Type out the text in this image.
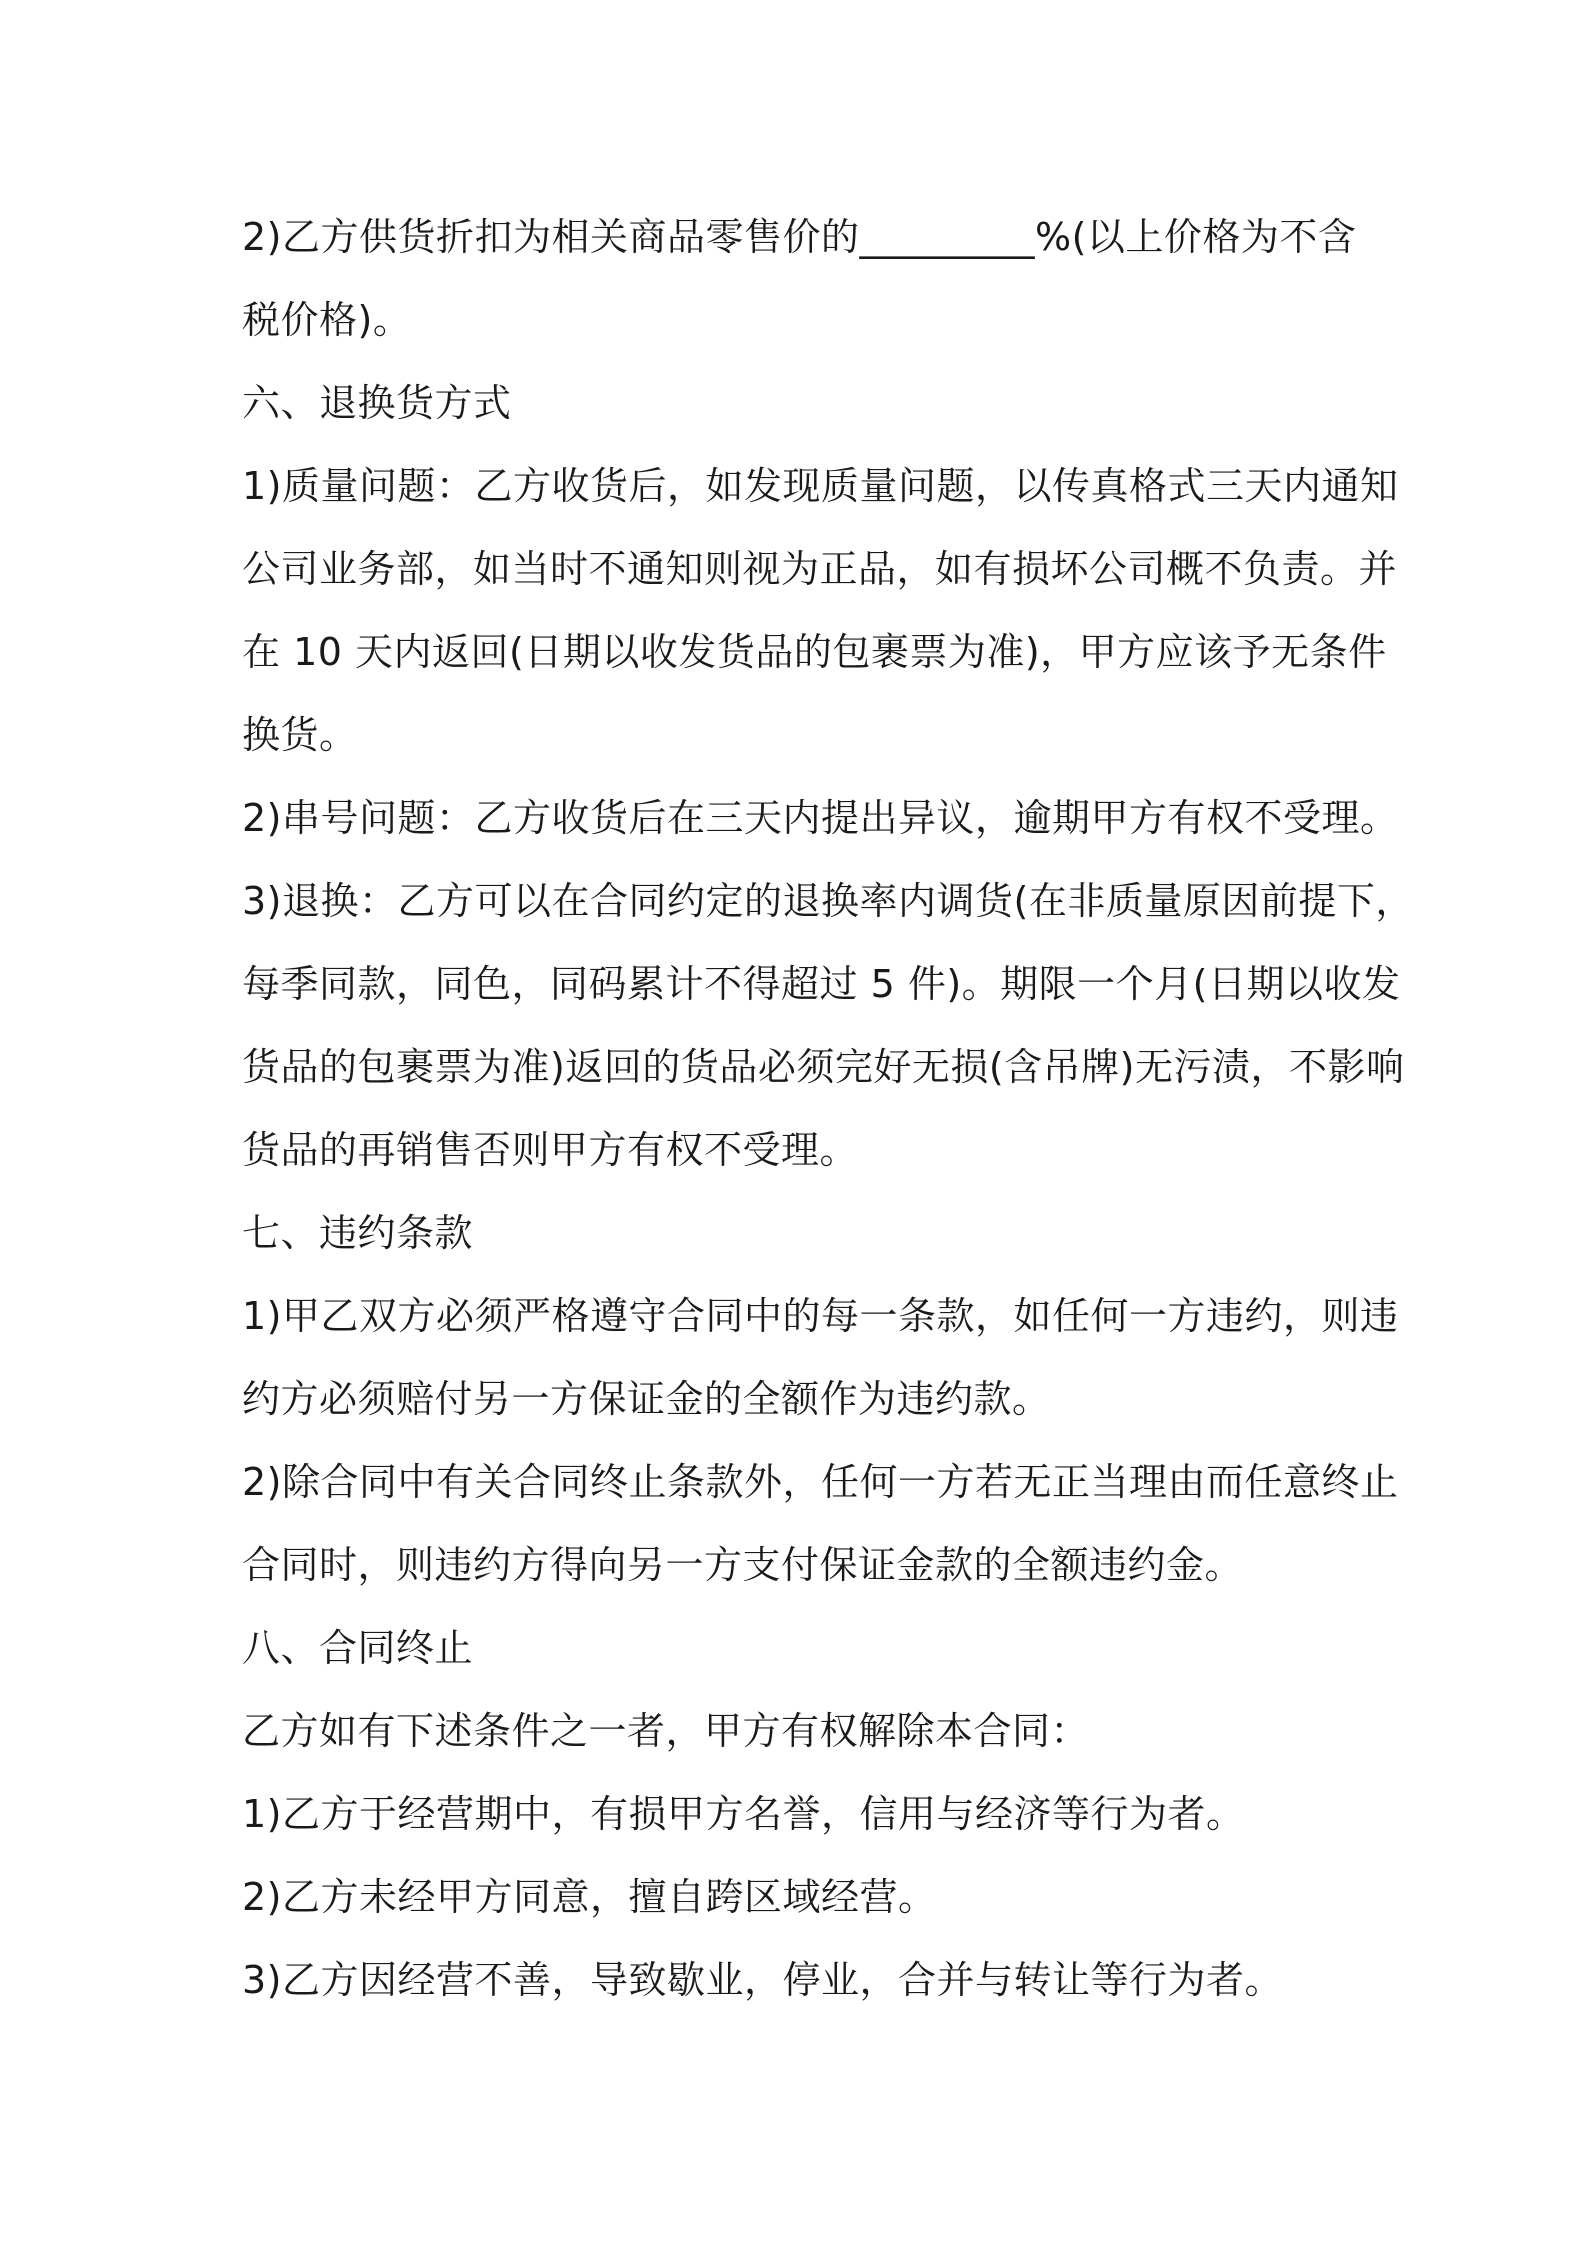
2)乙方供货折扣为相关商品零售价的_________%(以上价格为不含
税价格)。
六、退换货方式
1)质量问题：乙方收货后，如发现质量问题，以传真格式三天内通知
公司业务部，如当时不通知则视为正品，如有损坏公司概不负责。并
在 10 天内返回(日期以收发货品的包裹票为准)，甲方应该予无条件
换货。
2)串号问题：乙方收货后在三天内提出异议，逾期甲方有权不受理。
3)退换：乙方可以在合同约定的退换率内调货(在非质量原因前提下，
每季同款，同色，同码累计不得超过 5 件)。期限一个月(日期以收发
货品的包裹票为准)返回的货品必须完好无损(含吊牌)无污渍，不影响
货品的再销售否则甲方有权不受理。
七、违约条款
1)甲乙双方必须严格遵守合同中的每一条款，如任何一方违约，则违
约方必须赔付另一方保证金的全额作为违约款。
2)除合同中有关合同终止条款外，任何一方若无正当理由而任意终止
合同时，则违约方得向另一方支付保证金款的全额违约金。
八、合同终止
乙方如有下述条件之一者，甲方有权解除本合同：
1)乙方于经营期中，有损甲方名誉，信用与经济等行为者。
2)乙方未经甲方同意，擅自跨区域经营。
3)乙方因经营不善，导致歇业，停业，合并与转让等行为者。
